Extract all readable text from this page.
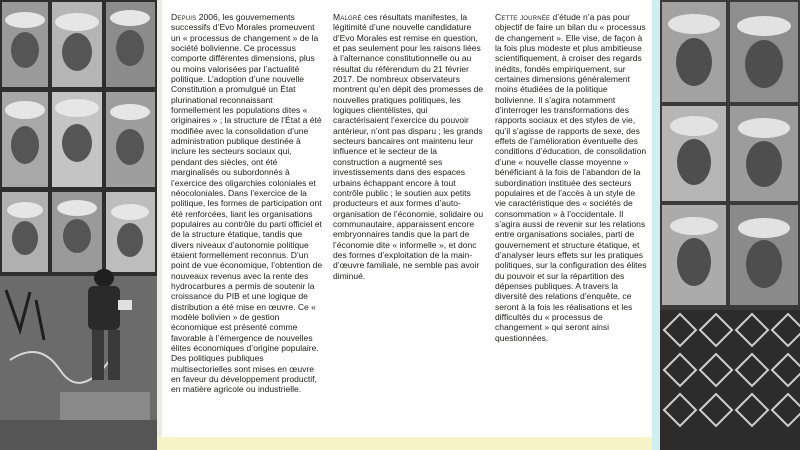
Depuis 2006, les gouvernements successifs d’Evo Morales promeuvent un « processus de changement » de la société bolivienne. Ce processus comporte différentes dimensions, plus ou moins valorisées par l’actualité politique. L’adoption d’une nouvelle Constitution a promulgué un État plurinational reconnaissant formellement les populations dites « originaires » ; la structure de l’État a été modifiée avec la consolidation d’une administration publique destinée à inclure les secteurs sociaux qui, pendant des siècles, ont été marginalisés ou subordonnés à l’exercice des oligarchies coloniales et néocoloniales. Dans l’exercice de la politique, les formes de participation ont été renforcées, liant les organisations populaires au contrôle du parti officiel et de la structure étatique, tandis que divers niveaux d’autonomie politique étaient formellement reconnus. D’un point de vue économique, l’obtention de nouveaux revenus avec la rente des hydrocarbures a permis de soutenir la croissance du PIB et une logique de distribution a été mise en œuvre. Ce « modèle bolivien » de gestion économique est présenté comme favorable à l’émergence de nouvelles élites économiques d’origine populaire. Des politiques publiques multisectorielles sont mises en œuvre en faveur du développement productif, en matière agricole ou industrielle.
Malgré ces résultats manifestes, la légitimité d’une nouvelle candidature d’Evo Morales est remise en question, et pas seulement pour les raisons liées à l’alternance constitutionnelle ou au résultat du référendum du 21 février 2017. De nombreux observateurs montrent qu’en dépit des promesses de nouvelles pratiques politiques, les logiques clientélistes, qui caractérisaient l’exercice du pouvoir antérieur, n’ont pas disparu ; les grands secteurs bancaires ont maintenu leur influence et le secteur de la construction a augmenté ses investissements dans des espaces urbains échappant encore à tout contrôle public ; le soutien aux petits producteurs et aux formes d’auto-organisation de l’économie, solidaire ou communautaire, apparaissent encore embryonnaires tandis que la part de l’économie dite « informelle », et donc des formes d’exploitation de la main-d’œuvre familiale, ne semble pas avoir diminué.
Cette journée d’étude n’a pas pour objectif de faire un bilan du « processus de changement ». Elle vise, de façon à la fois plus modeste et plus ambitieuse scientifiquement, à croiser des regards inédits, fondés empiriquement, sur certaines dimensions généralement moins étudiées de la politique bolivienne. Il s’agira notamment d’interroger les transformations des rapports sociaux et des styles de vie, qu’il s’agisse de rapports de sexe, des effets de l’amélioration éventuelle des conditions d’éducation, de consolidation d’une « nouvelle classe moyenne » bénéficiant à la fois de l’abandon de la subordination instituée des secteurs populaires et de l’accès à un style de vie caractéristique des « sociétés de consommation » à l’occidentale. Il s’agira aussi de revenir sur les relations entre organisations sociales, parti de gouvernement et structure étatique, et d’analyser leurs effets sur les pratiques politiques, sur la configuration des élites du pouvoir et sur la répartition des dépenses publiques. A travers la diversité des relations d’enquête, ce seront à la fois les réalisations et les difficultés du « processus de changement » qui seront ainsi questionnées.
